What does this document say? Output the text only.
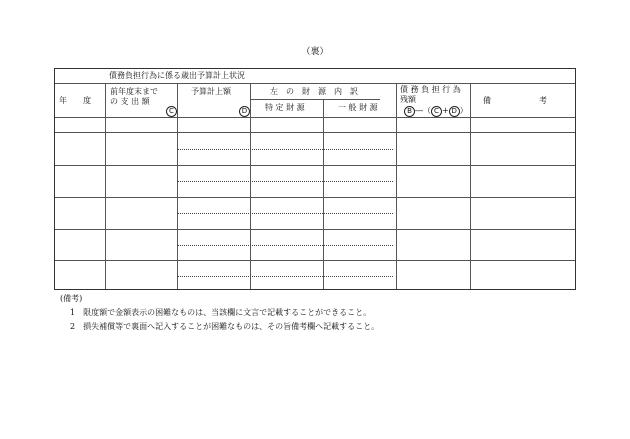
（裏）
債務負担行為に係る歳出予算計上状況
年　　度
前年度末まで
の 支 出 額
C
予算計上額
D
左　の　財　源　内　訳
特 定 財 源	一 般 財 源
債 務 負 担 行 為
残額
B ―（ C + D ）
備　　　　　　考
(備考)
1　限度額で金額表示の困難なものは、当該欄に文言で記載することができること。
2　損失補償等で裏面へ記入することが困難なものは、その旨備考欄へ記載すること。
